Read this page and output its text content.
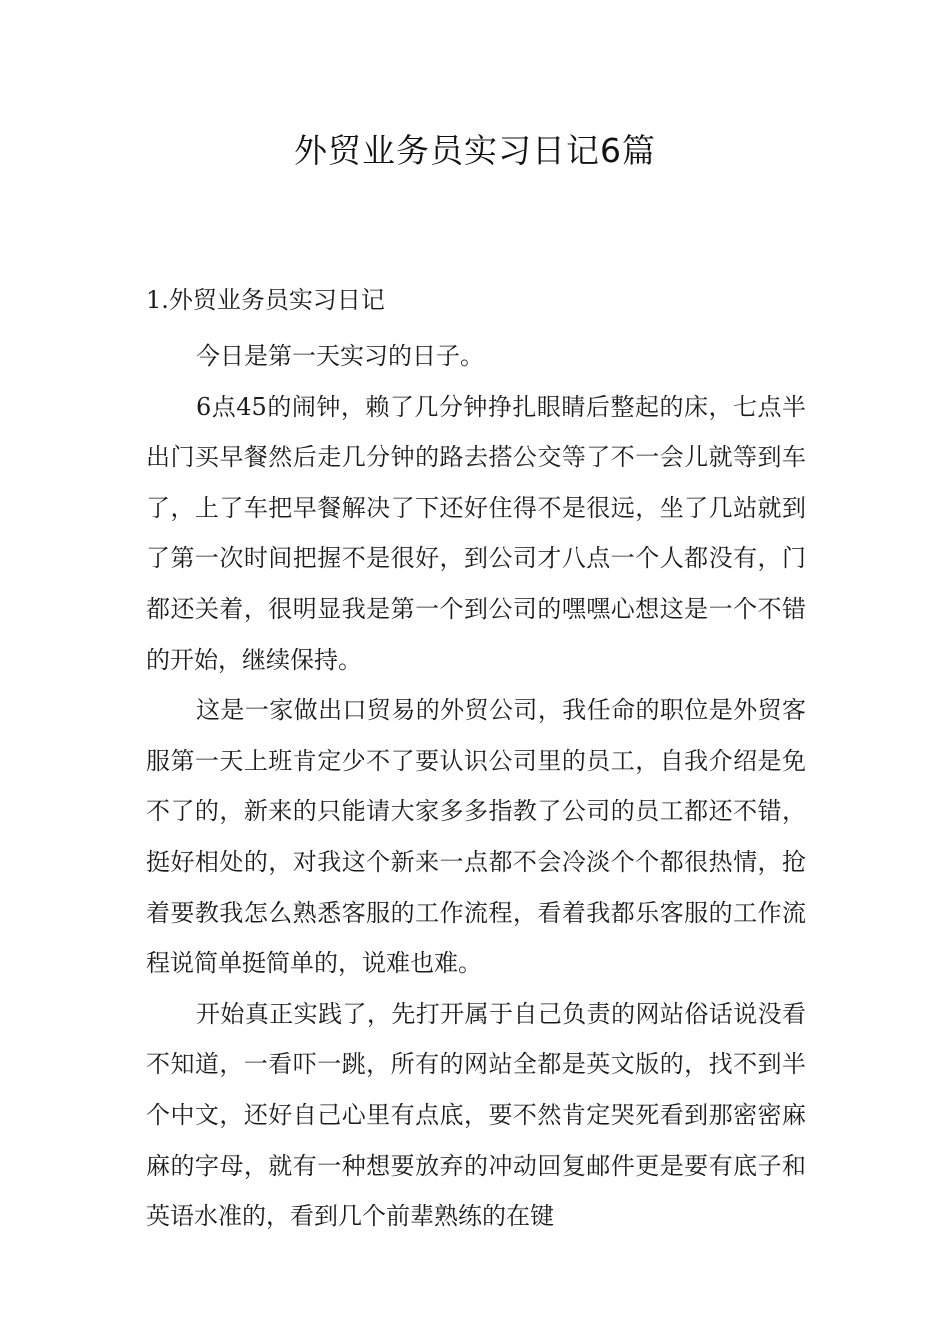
外贸业务员实习日记6篇
1.外贸业务员实习日记

今日是第一天实习的日子。

6点45的闹钟，赖了几分钟挣扎眼睛后整起的床，七点半出门买早餐然后走几分钟的路去搭公交等了不一会儿就等到车了，上了车把早餐解决了下还好住得不是很远，坐了几站就到了第一次时间把握不是很好，到公司才八点一个人都没有，门都还关着，很明显我是第一个到公司的嘿嘿心想这是一个不错的开始，继续保持。

这是一家做出口贸易的外贸公司，我任命的职位是外贸客服第一天上班肯定少不了要认识公司里的员工，自我介绍是免不了的，新来的只能请大家多多指教了公司的员工都还不错，挺好相处的，对我这个新来一点都不会冷淡个个都很热情，抢着要教我怎么熟悉客服的工作流程，看着我都乐客服的工作流程说简单挺简单的，说难也难。

开始真正实践了，先打开属于自己负责的网站俗话说没看不知道，一看吓一跳，所有的网站全都是英文版的，找不到半个中文，还好自己心里有点底，要不然肯定哭死看到那密密麻麻的字母，就有一种想要放弃的冲动回复邮件更是要有底子和英语水准的，看到几个前辈熟练的在键
